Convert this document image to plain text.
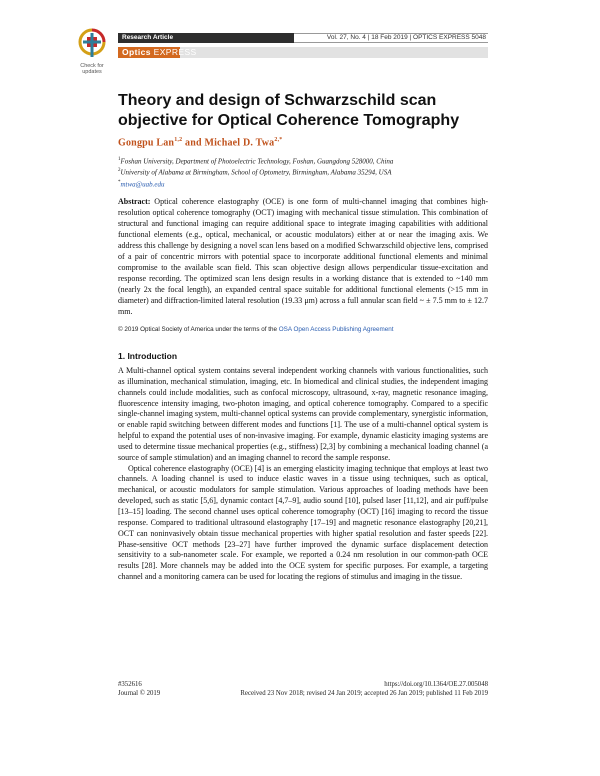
Check for updates
Research Article	Vol. 27, No. 4 | 18 Feb 2019 | OPTICS EXPRESS 5048
Optics EXPRESS
Theory and design of Schwarzschild scan objective for Optical Coherence Tomography
Gongpu Lan$^{1,2}$ and Michael D. Twa$^{2,*}$
$^1$Foshan University, Department of Photoelectric Technology, Foshan, Guangdong 528000, China
$^2$University of Alabama at Birmingham, School of Optometry, Birmingham, Alabama 35294, USA
*mtwa@uab.edu
Abstract: Optical coherence elastography (OCE) is one form of multi-channel imaging that combines high-resolution optical coherence tomography (OCT) imaging with mechanical tissue stimulation. This combination of structural and functional imaging can require additional space to integrate imaging capabilities with additional functional elements (e.g., optical, mechanical, or acoustic modulators) either at or near the imaging axis. We address this challenge by designing a novel scan lens based on a modified Schwarzschild objective lens, comprised of a pair of concentric mirrors with potential space to incorporate additional functional elements and minimal compromise to the available scan field. This scan objective design allows perpendicular tissue-excitation and response recording. The optimized scan lens design results in a working distance that is extended to ~140 mm (nearly 2x the focal length), an expanded central space suitable for additional functional elements (>15 mm in diameter) and diffraction-limited lateral resolution (19.33 μm) across a full annular scan field ~ ± 7.5 mm to ± 12.7 mm.
© 2019 Optical Society of America under the terms of the OSA Open Access Publishing Agreement
1. Introduction

A Multi-channel optical system contains several independent working channels with various functionalities, such as illumination, mechanical stimulation, imaging, etc. In biomedical and clinical studies, the independent imaging channels could include modalities, such as confocal microscopy, ultrasound, x-ray, magnetic resonance imaging, fluorescence intensity imaging, two-photon imaging, and optical coherence tomography. Compared to a specific single-channel imaging system, multi-channel optical systems can provide complementary, synergistic information, or enable rapid switching between different modes and functions [1]. The use of a multi-channel optical system is helpful to expand the potential uses of non-invasive imaging. For example, dynamic elasticity imaging systems are used to determine tissue mechanical properties (e.g., stiffness) [2,3] by combining a mechanical loading channel (a source of sample stimulation) and an imaging channel to record the sample response.

Optical coherence elastography (OCE) [4] is an emerging elasticity imaging technique that employs at least two channels. A loading channel is used to induce elastic waves in a tissue using techniques, such as optical, mechanical, or acoustic modulators for sample stimulation. Various approaches of loading methods have been developed, such as static [5,6], dynamic contact [4,7–9], audio sound [10], pulsed laser [11,12], and air puff/pulse [13–15] loading. The second channel uses optical coherence tomography (OCT) [16] imaging to record the tissue response. Compared to traditional ultrasound elastography [17–19] and magnetic resonance elastography [20,21], OCT can noninvasively obtain tissue mechanical properties with higher spatial resolution and faster speeds [22]. Phase-sensitive OCT methods [23–27] have further improved the dynamic surface displacement detection sensitivity to a sub-nanometer scale. For example, we reported a 0.24 nm resolution in our common-path OCE results [28]. More channels may be added into the OCE system for specific purposes. For example, a targeting channel and a monitoring camera can be used for locating the regions of stimulus and imaging in the tissue.

#352616	https://doi.org/10.1364/OE.27.005048
Journal © 2019	Received 23 Nov 2018; revised 24 Jan 2019; accepted 26 Jan 2019; published 11 Feb 2019
